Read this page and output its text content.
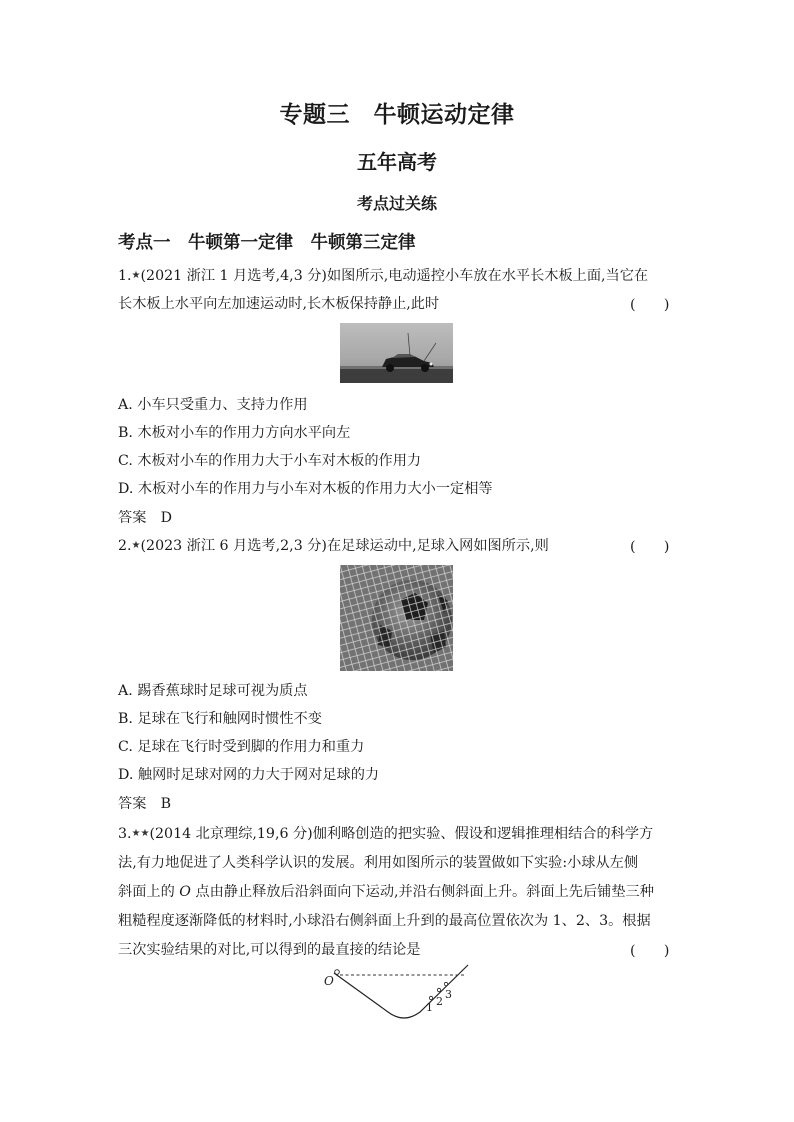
专题三　牛顿运动定律
五年高考
考点过关练
考点一　牛顿第一定律　牛顿第三定律
1.★(2021 浙江 1 月选考,4,3 分)如图所示,电动遥控小车放在水平长木板上面,当它在
长木板上水平向左加速运动时,长木板保持静止,此时	(　　)
A. 小车只受重力、支持力作用
B. 木板对小车的作用力方向水平向左
C. 木板对小车的作用力大于小车对木板的作用力
D. 木板对小车的作用力与小车对木板的作用力大小一定相等
答案　D
2.★(2023 浙江 6 月选考,2,3 分)在足球运动中,足球入网如图所示,则	(　　)
A. 踢香蕉球时足球可视为质点
B. 足球在飞行和触网时惯性不变
C. 足球在飞行时受到脚的作用力和重力
D. 触网时足球对网的力大于网对足球的力
答案　B
3.★★(2014 北京理综,19,6 分)伽利略创造的把实验、假设和逻辑推理相结合的科学方
法,有力地促进了人类科学认识的发展。利用如图所示的装置做如下实验:小球从左侧
斜面上的 O 点由静止释放后沿斜面向下运动,并沿右侧斜面上升。斜面上先后铺垫三种
粗糙程度逐渐降低的材料时,小球沿右侧斜面上升到的最高位置依次为 1、2、3。根据
三次实验结果的对比,可以得到的最直接的结论是	(　　)
O
1 2
3
